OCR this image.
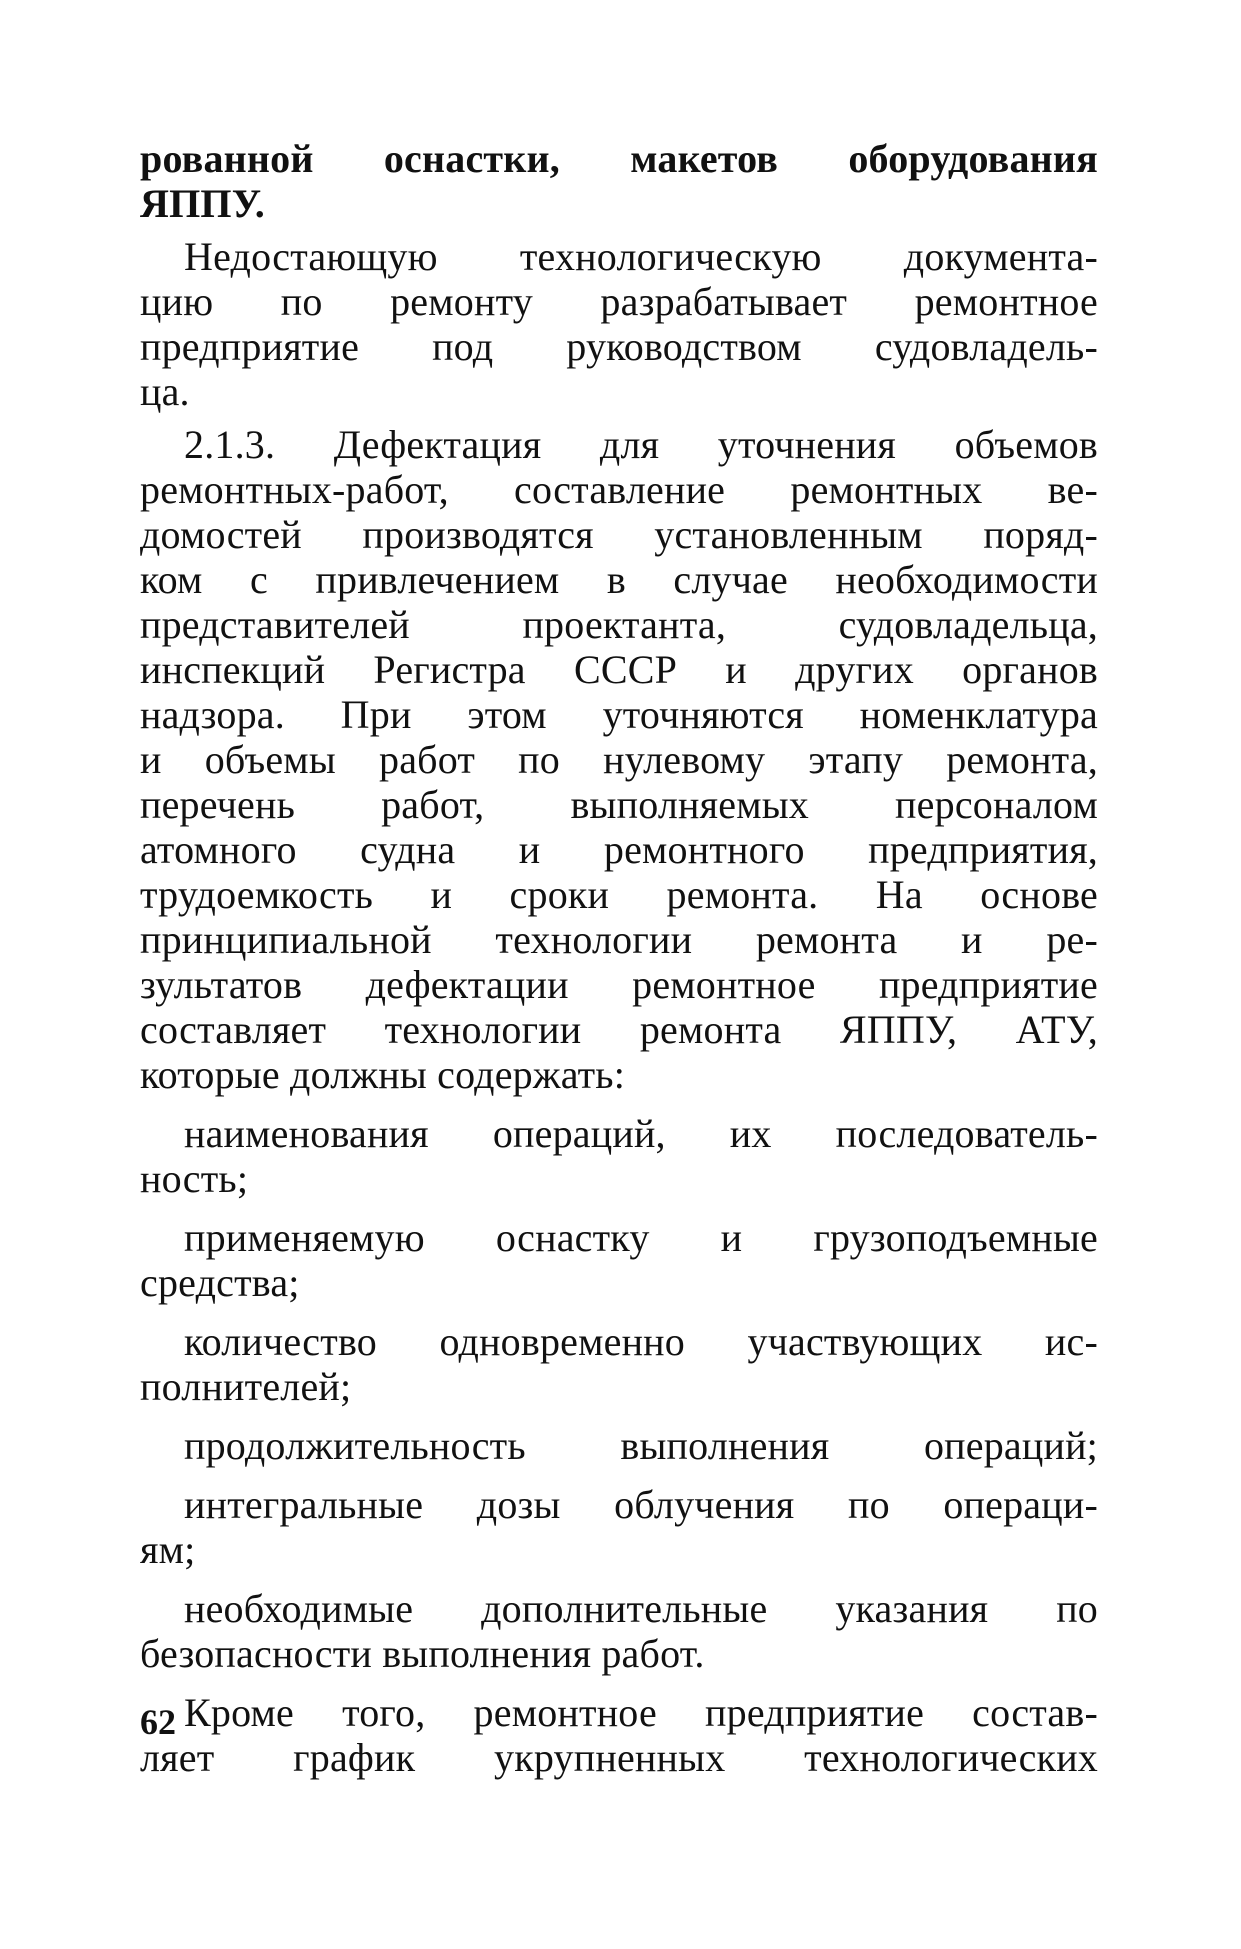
рованной оснастки, макетов оборудования
ЯППУ.
Недостающую технологическую документа-
цию по ремонту разрабатывает ремонтное
предприятие под руководством судовладель-
ца.
2.1.3. Дефектация для уточнения объемов
ремонтных-работ, составление ремонтных ве-
домостей производятся установленным поряд-
ком с привлечением в случае необходимости
представителей проектанта, судовладельца,
инспекций Регистра СССР и других органов
надзора. При этом уточняются номенклатура
и объемы работ по нулевому этапу ремонта,
перечень работ, выполняемых персоналом
атомного судна и ремонтного предприятия,
трудоемкость и сроки ремонта. На основе
принципиальной технологии ремонта и ре-
зультатов дефектации ремонтное предприятие
составляет технологии ремонта ЯППУ, АТУ,
которые должны содержать:
наименования операций, их последователь-
ность;
применяемую оснастку и грузоподъемные
средства;
количество одновременно участвующих ис-
полнителей;
продолжительность выполнения операций;
интегральные дозы облучения по операци-
ям;
необходимые дополнительные указания по
безопасности выполнения работ.
Кроме того, ремонтное предприятие состав-
ляет график укрупненных технологических
62
